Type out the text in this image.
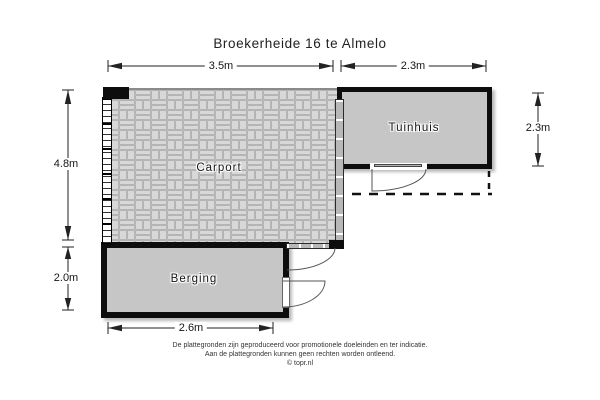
Broekerheide 16 te Almelo
Carport
Tuinhuis
Berging
3.5m	2.3m
4.8m
2.0m
2.3m
2.6m
De plattegronden zijn geproduceerd voor promotionele doeleinden en ter indicatie.
Aan de plattegronden kunnen geen rechten worden ontleend.
© topr.nl
